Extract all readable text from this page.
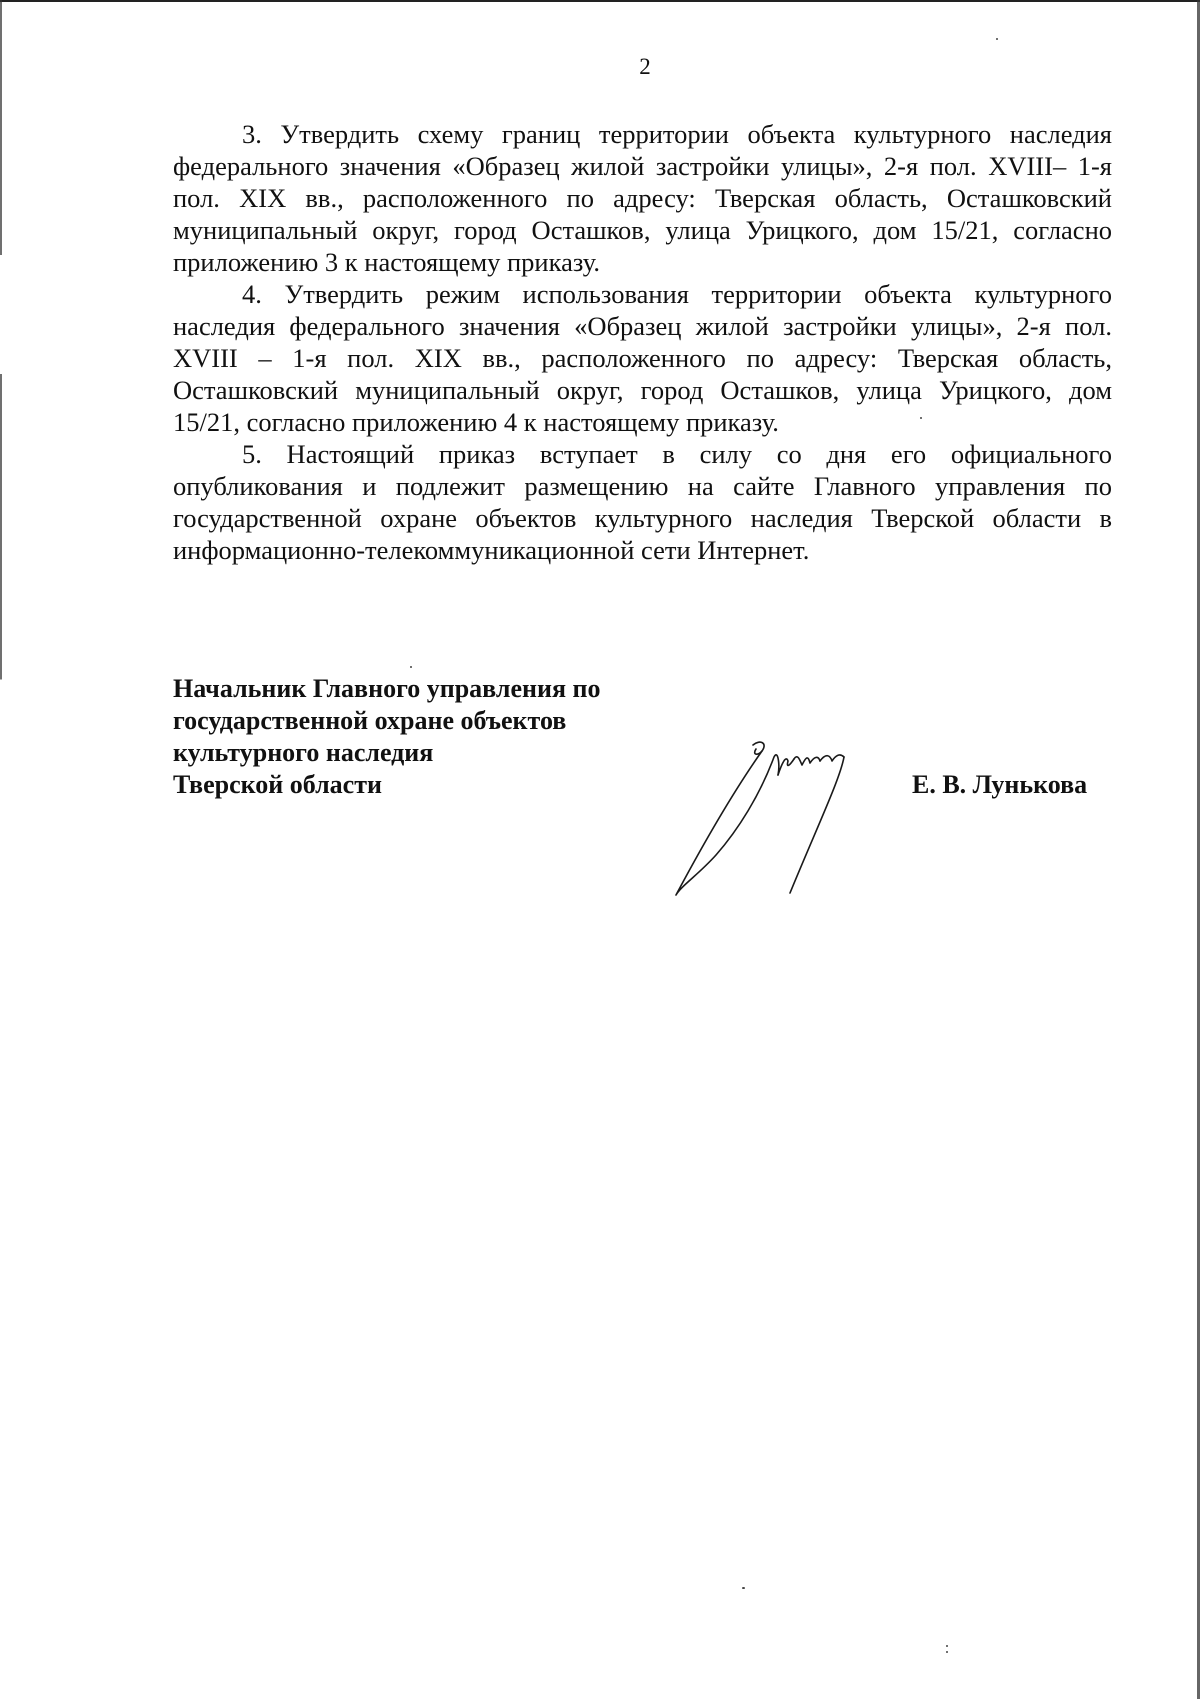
2

3. Утвердить схему границ территории объекта культурного наследия федерального значения «Образец жилой застройки улицы», 2-я пол. XVIII– 1-я пол. XIX вв., расположенного по адресу: Тверская область, Осташковский муниципальный округ, город Осташков, улица Урицкого, дом 15/21, согласно приложению 3 к настоящему приказу.

4. Утвердить режим использования территории объекта культурного наследия федерального значения «Образец жилой застройки улицы», 2-я пол. XVIII – 1-я пол. XIX вв., расположенного по адресу: Тверская область, Осташковский муниципальный округ, город Осташков, улица Урицкого, дом 15/21, согласно приложению 4 к настоящему приказу.

5. Настоящий приказ вступает в силу со дня его официального опубликования и подлежит размещению на сайте Главного управления по государственной охране объектов культурного наследия Тверской области в информационно-телекоммуникационной сети Интернет.

Начальник Главного управления по
государственной охране объектов
культурного наследия
Тверской области	Е. В. Лунькова
